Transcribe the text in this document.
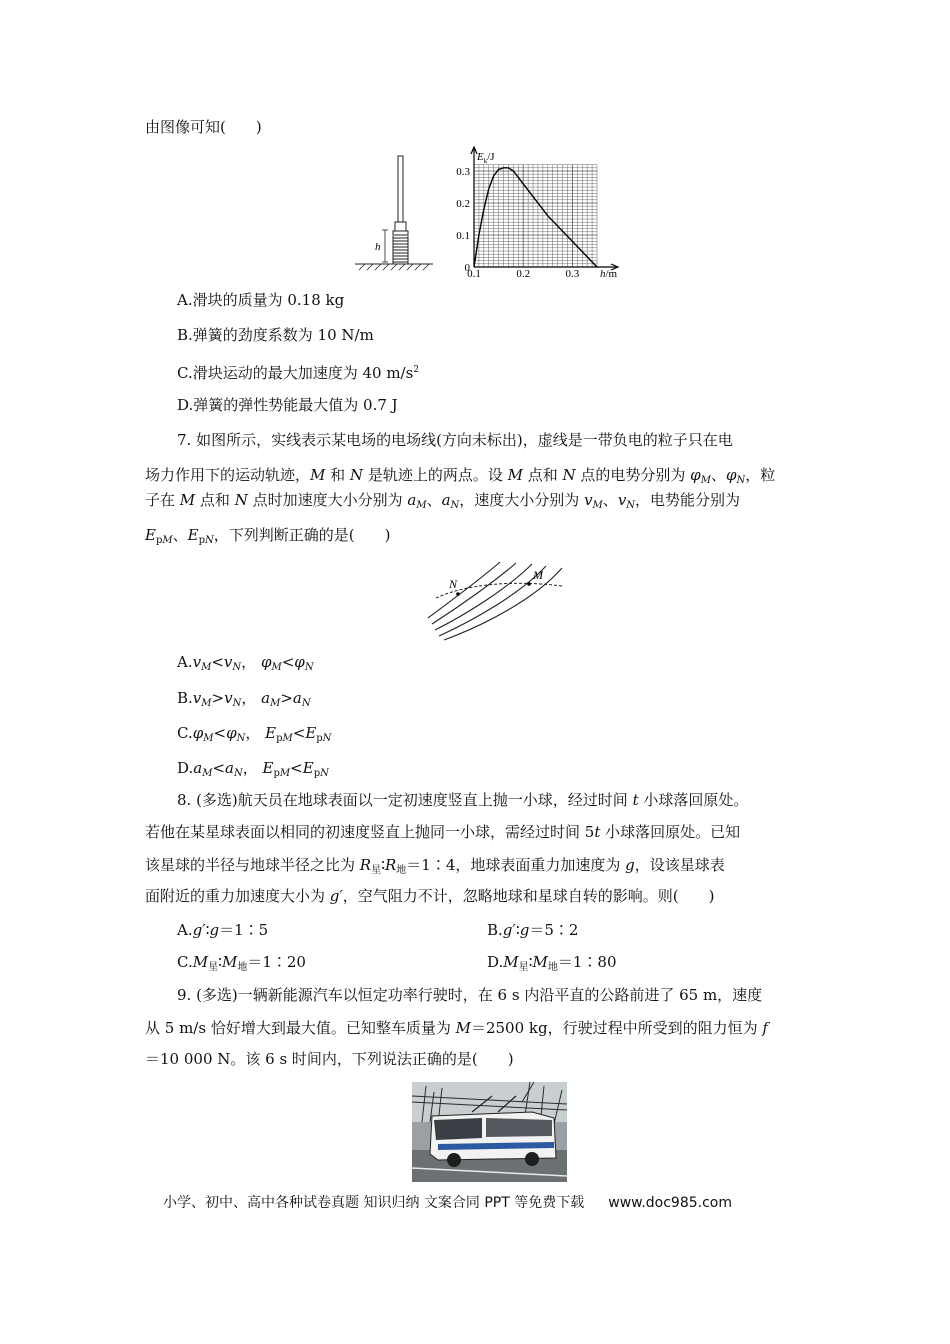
由图像可知(　　)
h
$E_k/J$
h/m
0
0.1
0.2
0.3
0.1	0.2	0.3
A.滑块的质量为 0.18 kg
B.弹簧的劲度系数为 10 N/m
C.滑块运动的最大加速度为 40 $m/s^2$
D.弹簧的弹性势能最大值为 0.7 J
7. 如图所示，实线表示某电场的电场线(方向未标出)，虚线是一带负电的粒子只在电
场力作用下的运动轨迹，M 和 N 是轨迹上的两点。设 M 点和 N 点的电势分别为 $\varphi_M$、$\varphi_N$，粒
子在 M 点和 N 点时加速度大小分别为 $a_M$、$a_N$，速度大小分别为 $v_M$、$v_N$，电势能分别为
$E_{pM}$、$E_{pN}$，下列判断正确的是(　　)
N
M
$A.v_M<v_N$， $\varphi_M<\varphi_N$
$B.v_M>v_N$， $a_M>a_N$
$C.\varphi_M<\varphi_N$， $E_{pM}<E_{pN}$
$D.a_M<a_N$， $E_{pM}<E_{pN}$
8. (多选)航天员在地球表面以一定初速度竖直上抛一小球，经过时间 t 小球落回原处。
若他在某星球表面以相同的初速度竖直上抛同一小球，需经过时间 5t 小球落回原处。已知
该星球的半径与地球半径之比为 $R_星∶R_地=1∶4$，地球表面重力加速度为 g，设该星球表
面附近的重力加速度大小为 g′，空气阻力不计，忽略地球和星球自转的影响。则(　　)
A.g′∶g＝1∶5	B.g′∶g＝5∶2
$C.M_星∶M_地=1∶20$	$D.M_星∶M_地=1∶80$
9. (多选)一辆新能源汽车以恒定功率行驶时，在 6 s 内沿平直的公路前进了 65 m，速度
从 5 m/s 恰好增大到最大值。已知整车质量为 M＝2500 kg，行驶过程中所受到的阻力恒为 f
＝10 000 N。该 6 s 时间内，下列说法正确的是(　　)
小学、初中、高中各种试卷真题 知识归纳 文案合同 PPT 等免费下载 www.doc985.com
